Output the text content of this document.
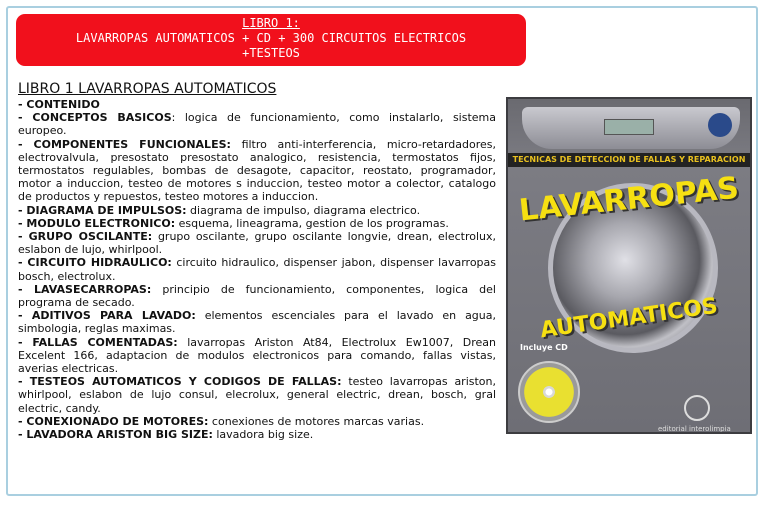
LIBRO 1:
LAVARROPAS AUTOMATICOS + CD + 300 CIRCUITOS ELECTRICOS
+TESTEOS
LIBRO 1 LAVARROPAS AUTOMATICOS

- CONTENIDO

- CONCEPTOS BASICOS: logica de funcionamiento, como instalarlo, sistema europeo.

- COMPONENTES FUNCIONALES: filtro anti-interferencia, micro-retardadores, electrovalvula, presostato presostato analogico, resistencia, termostatos fijos, termostatos regulables, bombas de desagote, capacitor, reostato, programador, motor a induccion, testeo de motores s induccion, testeo motor a colector, catalogo de productos y repuestos, testeo motores a induccion.

- DIAGRAMA DE IMPULSOS: diagrama de impulso, diagrama electrico.

- MODULO ELECTRONICO: esquema, lineagrama, gestion de los programas.

- GRUPO OSCILANTE: grupo oscilante, grupo oscilante longvie, drean, electrolux, eslabon de lujo, whirlpool.

- CIRCUITO HIDRAULICO: circuito hidraulico, dispenser jabon, dispenser lavarropas bosch, electrolux.

- LAVASECARROPAS: principio de funcionamiento, componentes, logica del programa de secado.

- ADITIVOS PARA LAVADO: elementos escenciales para el lavado en agua, simbologia, reglas maximas.

- FALLAS COMENTADAS: lavarropas Ariston At84, Electrolux Ew1007, Drean Excelent 166, adaptacion de modulos electronicos para comando, fallas vistas, averias electricas.

- TESTEOS AUTOMATICOS Y CODIGOS DE FALLAS: testeo lavarropas ariston, whirlpool, eslabon de lujo consul, elecrolux, general electric, drean, bosch, gral electric, candy.

- CONEXIONADO DE MOTORES: conexiones de motores marcas varias.

- LAVADORA ARISTON BIG SIZE: lavadora big size.

TECNICAS DE DETECCION DE FALLAS Y REPARACION
LAVARROPAS
AUTOMATICOS
Incluye CD
editorial interolimpia
